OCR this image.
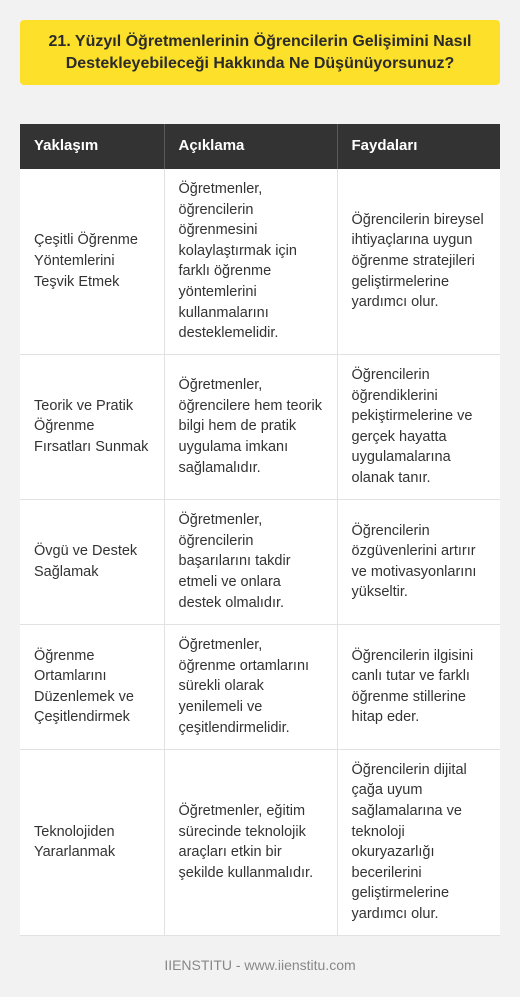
21. Yüzyıl Öğretmenlerinin Öğrencilerin Gelişimini Nasıl Destekleyebileceği Hakkında Ne Düşünüyorsunuz?
Yaklaşım	Açıklama	Faydaları
Çeşitli Öğrenme Yöntemlerini Teşvik Etmek	Öğretmenler, öğrencilerin öğrenmesini kolaylaştırmak için farklı öğrenme yöntemlerini kullanmalarını desteklemelidir.	Öğrencilerin bireysel ihtiyaçlarına uygun öğrenme stratejileri geliştirmelerine yardımcı olur.
Teorik ve Pratik Öğrenme Fırsatları Sunmak	Öğretmenler, öğrencilere hem teorik bilgi hem de pratik uygulama imkanı sağlamalıdır.	Öğrencilerin öğrendiklerini pekiştirmelerine ve gerçek hayatta uygulamalarına olanak tanır.
Övgü ve Destek Sağlamak	Öğretmenler, öğrencilerin başarılarını takdir etmeli ve onlara destek olmalıdır.	Öğrencilerin özgüvenlerini artırır ve motivasyonlarını yükseltir.
Öğrenme Ortamlarını Düzenlemek ve Çeşitlendirmek	Öğretmenler, öğrenme ortamlarını sürekli olarak yenilemeli ve çeşitlendirmelidir.	Öğrencilerin ilgisini canlı tutar ve farklı öğrenme stillerine hitap eder.
Teknolojiden Yararlanmak	Öğretmenler, eğitim sürecinde teknolojik araçları etkin bir şekilde kullanmalıdır.	Öğrencilerin dijital çağa uyum sağlamalarına ve teknoloji okuryazarlığı becerilerini geliştirmelerine yardımcı olur.
IIENSTITU - www.iienstitu.com
